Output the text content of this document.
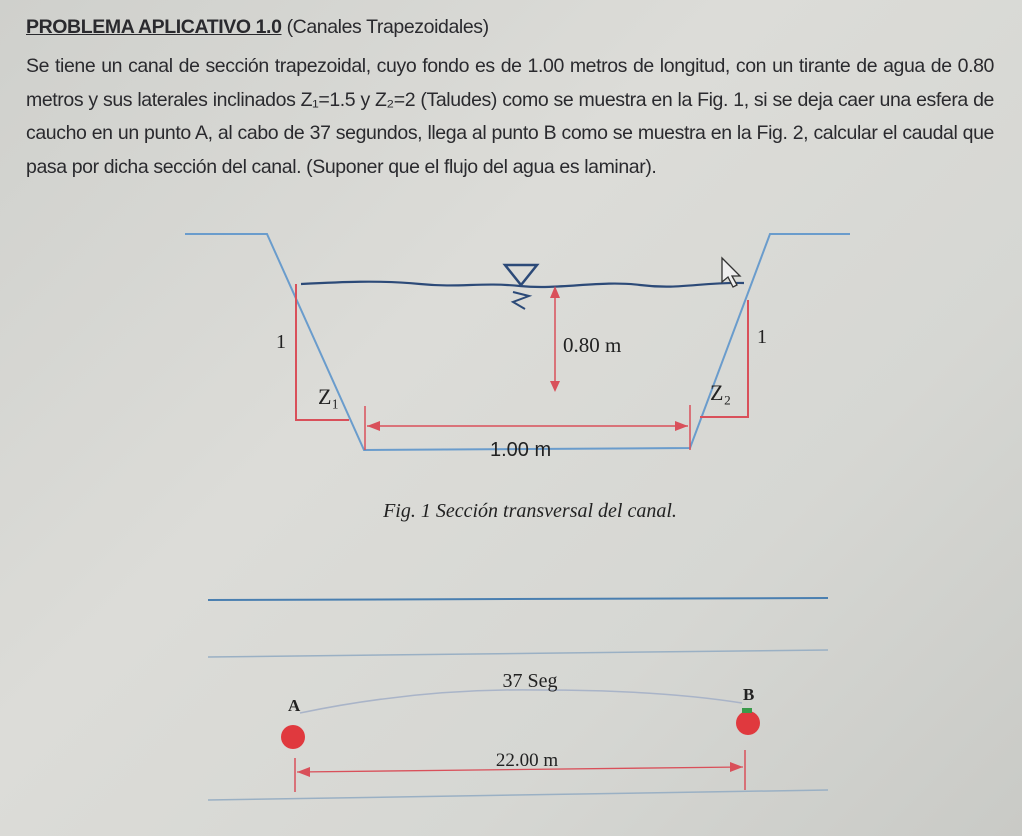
PROBLEMA APLICATIVO 1.0 (Canales Trapezoidales)
Se tiene un canal de sección trapezoidal, cuyo fondo es de 1.00 metros de longitud, con un tirante de agua de 0.80 metros y sus laterales inclinados Z₁=1.5 y Z₂=2 (Taludes) como se muestra en la Fig. 1, si se deja caer una esfera de caucho en un punto A, al cabo de 37 segundos, llega al punto B como se muestra en la Fig. 2, calcular el caudal que pasa por dicha sección del canal. (Suponer que el flujo del agua es laminar).
1
Z₁
0.80 m	1
Z₂
1.00 m
Fig. 1 Sección transversal del canal.
37 Seg
A
B
22.00 m
